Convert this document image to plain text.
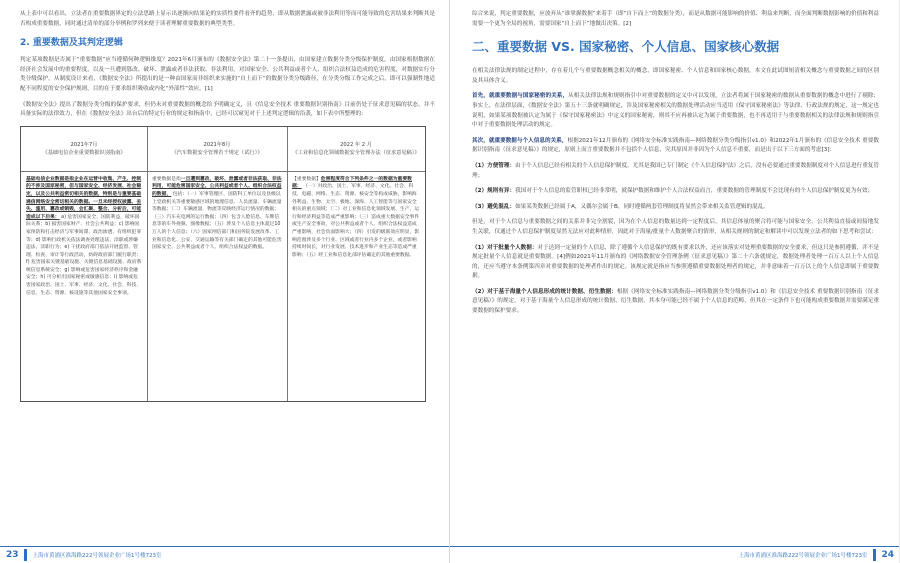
从上表中可以看出，立法者在重要数据界定的立法思路上显示出逐渐向结果论的实质性要件看齐的趋势，即从数据泄露或被非法利用等而可能导致的危害结果来判断其是否构成重要数据，同时通过清单的部分举例和罗列来便于读者理解重要数据的典型类型。

2. 重要数据及其判定逻辑

判定某项数据是否属于“重要数据”应当遵循何种逻辑维度？2021年6月颁布的《数据安全法》第二十一条提出，由国家建立数据分类分级保护制度，由国家根据数据在经济社会发展中的重要程度，以及一旦遭到篡改、破坏、泄露或者非法获取、非法利用，对国家安全、公共利益或者个人、组织合法权益造成的危害程度，对数据实行分类分级保护。从制度设计来看，《数据安全法》所提出的是一种由国家而非组织来实施的“自上而下”的数据分类分级路径，在分类分级工作完成之后，即可以强制性地适配不同程度的安全保护规则，目的在于要求组织吸收或内化“外部性”效应。[1]

《数据安全法》提出了数据分类分级的保护要求，但仍未对重要数据的概念给予明确定义，且《信息安全技术 重要数据识别指南》目前仍处于征求意见稿的状态，并不具备实际的法律效力，但在《数据安全法》出台后的特定行业的规定和指南中，已经可以窥见对于上述判定逻辑的沿袭，如下表中所整理的：

2021年7月
《基础电信企业重要数据识别指南》
基础电信企业数据是指企业在运营中收集、产生、控制的不涉及国家秘密，但与国家安全、经济发展、社会稳定，以及公共利益密切相关的数据，特别是与重要基础通信网络安全密切相关的数据。一旦未经授权披露、丢失、滥用、篡改或销毁，会汇聚、整合、分析后，可能造成以下后果： a) 危害国家安全、国防利益，破坏国际关系；b) 损害国家财产、社会公共利益；c) 影响国家预防和打击经济与军事间谍、政治渗透、有组织犯罪等；d) 影响行政机关依法调查处理违法、渎职或涉嫌违法、渎职行为；e) 干扰政府部门依法开展监督、管理、检查、审计等行政活动，妨碍政府部门履行职责；f) 危害国家关键基础设施、关键信息基础设施、政府系统信息系统安全；g) 影响或危害国家经济秩序和金融安全；h) 可分析出国家秘密或敏感信息；i) 影响或危害国家政治、国土、军事、经济、文化、社会、科技、信息、生态、资源、核设施等其他国家安全事项。
2021年8月
《汽车数据安全管理若干规定（试行）》
重要数据是指一旦遭到篡改、破坏、泄露或者非法获取、非法利用，可能危害国家安全、公共利益或者个人、组织合法权益的数据， 包括：（一）军事管理区、国防科工单位以及县级以上党政机关等重要敏感区域的地理信息、人员流量、车辆流量等数据；（二）车辆流量、物流等反映经济运行情况的数据；（三）汽车充电网的运行数据；（四）包含人脸信息、车牌信息等的车外视频、图像数据；（五）涉及个人信息主体超过10万人的个人信息；（六）国家网信部门和国务院发展改革、工业和信息化、公安、交通运输等有关部门确定的其他可能危害国家安全、公共利益或者个人、组织合法权益的数据。
2022 年 2 月
《工业和信息化领域数据安全管理办法（征求意见稿）》
【重要数据】危害程度符合下列条件之一的数据为重要数据： （一）对政治、国土、军事、经济、文化、社会、科技、电磁、网络、生态、资源、核安全等构成威胁，影响海外利益、生物、太空、极地、深海、人工智能等与国家安全相关的重点领域；（二）对工业和信息化领域发展、生产、运行和经济利益等造成严重影响；（三）造成重大数据安全事件或生产安全事故，对公共利益或者个人、组织合法权益造成严重影响，社会负面影响大；（四）引发的级联效应明显，影响范围涉及多个行业、区域或者行业内多个企业，或者影响持续时间长，对行业发展、技术进步和产业生态等造成严重影响；（五）经工业和信息化部评估确定的其他重要数据。
23	上海市黄浦区淮海路222号领展企业广场1号楼723室

综合来说，判定重要数据，应放弃从“谁掌握数据”来着手（即“自下而上”的数据分类），而是从数据可能影响的价值、利益来判断，而全面判断数据影响的价值和利益需要一个更为全局的视角，需要国家“自上而下”地做出决策。[2]

二、重要数据 VS. 国家秘密、个人信息、国家核心数据

在相关法律法规的制定过程中，存在着几个与重要数据概念相关的概念，即国家秘密、个人信息和国家核心数据，本文在此试图厘清相关概念与重要数据之间的区别及其具体含义。

首先，就重要数据与国家秘密的关系，从相关法律法规和规则指引中对重要数据的定义中可以发现，立法者将属于国家秘密的数据从重要数据的概念中进行了剔除；事实上，在法律层面，《数据安全法》第五十三条就明确规定，涉及国家秘密相关的数据处理活动应当适用《保守国家秘密法》等法律、行政法规的规定，这一规定也说明，如果某项数据被认定为属于《保守国家秘密法》中定义的国家秘密，则其不应再被认定为属于重要数据，也不再适用于与重要数据相关的法律法规和规则指引中对于重要数据处理活动的规定。

其次，就重要数据与个人信息的关系，根据2021年12月颁布的《网络安全标准实践指南—网络数据分类分级指引v1.0》和2022年1月颁布的《信息安全技术 重要数据识别指南（征求意见稿）》的规定，原则上而言重要数据并不包括个人信息，究其原因并非因为个人信息不重要，而是出于以下三方面的考虑[3]：

（1）方便管理：由于个人信息已经有相关的个人信息保护制度，尤其是我国已专门制定《个人信息保护法》之后，没有必要通过重要数据制度对个人信息进行重复管理；

（2）规则有异：我国对于个人信息的监管职权已经非常明，就保护数据和维护个人合法权益而言，重要数据的管理制度不会比现有的个人信息保护制度更为有效；

（3）避免混乱：如果某类数据已经属于A，又偶尔会属于B，同时遵循两套管理制度将显然会带来相关监管逻辑的混乱。

但是，对于个人信息与重要数据之间的关系并非完全割裂，因为在个人信息的数量达到一定程度后，其信息体量的聚合将可能与国家安全、公共利益直接或间接地发生关联，仅通过个人信息保护制度显然无法应对此种情形，因此对于海量/批量个人数据聚合的情形，从相关规则的制定和解读中可以发现立法者的如下思考和尝试：

（1）对于批量个人数据：对于达到一定量的个人信息，除了遵循个人信息保护的既有要求以外，还应该落实对处理重要数据的安全要求，但这只是参照遵循，并不是规定批量个人信息就是重要数据。[4]例如2021年11月颁布的《网络数据安全管理条例（征求意见稿）》第二十六条就规定，数据处理者处理一百万人以上个人信息的，还应当遵守本条例第四章对重要数据的处理者作出的规定。该规定就是指应当参照遵循重要数据处理者的规定，并非意味着一百万以上的个人信息即属于重要数据。

（2）对于基于海量个人信息形成的统计数据、衍生数据：根据《网络安全标准实践指南—网络数据分类分级指引v1.0》和《信息安全技术 重要数据识别指南（征求意见稿）》的规定，对于基于海量个人信息形成的统计数据、衍生数据，其本身可能已经不属于个人信息的范畴，但其在一定条件下也可能构成重要数据并需要满足重要数据的保护要求。

上海市黄浦区淮海路222号领展企业广场1号楼723室	24
